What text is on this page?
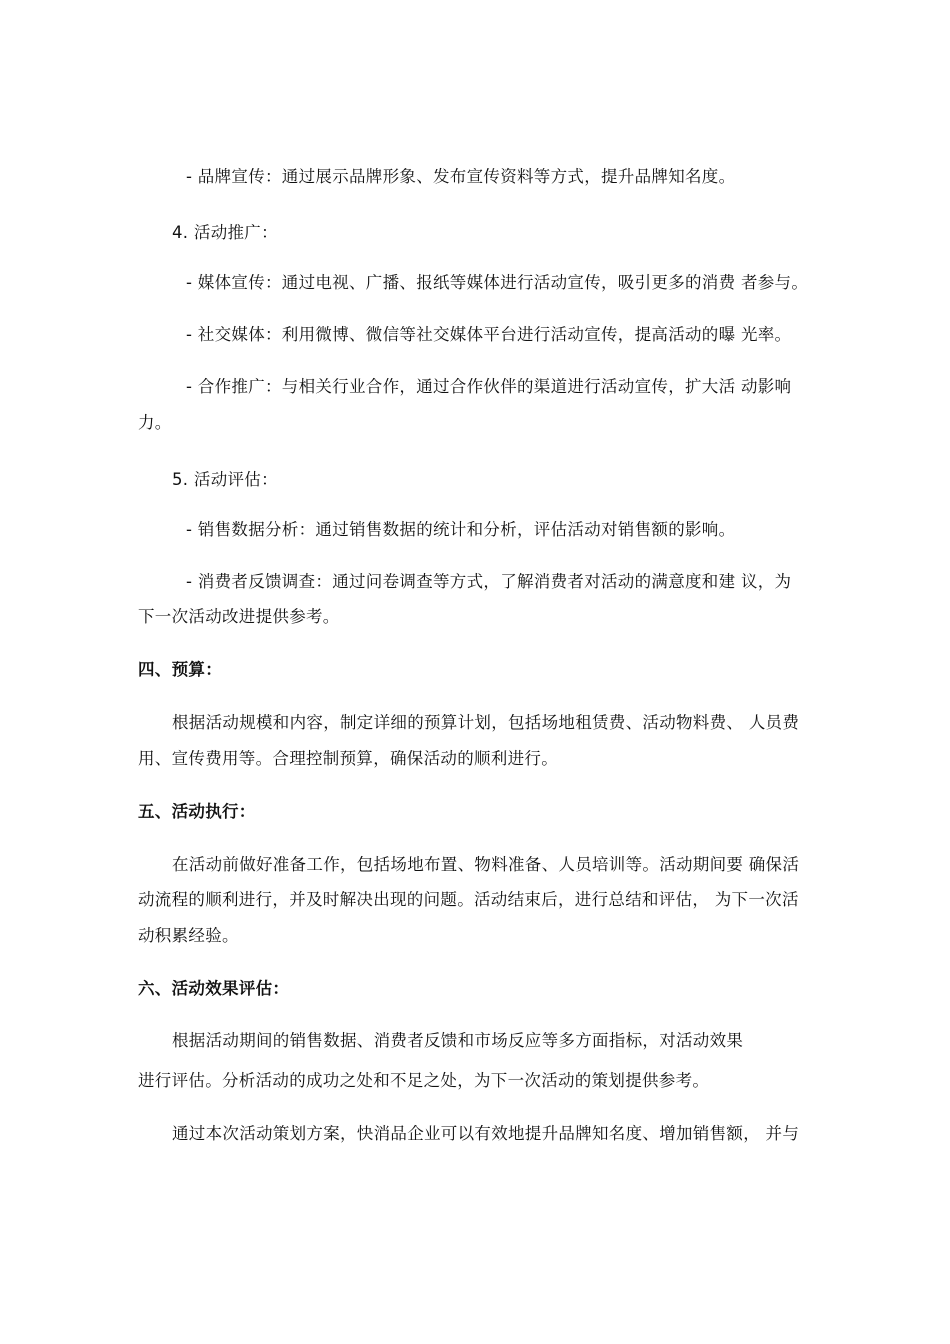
- 品牌宣传：通过展示品牌形象、发布宣传资料等方式，提升品牌知名度。
4. 活动推广：
- 媒体宣传：通过电视、广播、报纸等媒体进行活动宣传，吸引更多的消费 者参与。
- 社交媒体：利用微博、微信等社交媒体平台进行活动宣传，提高活动的曝 光率。
- 合作推广：与相关行业合作，通过合作伙伴的渠道进行活动宣传，扩大活 动影响
力。
5. 活动评估：
- 销售数据分析：通过销售数据的统计和分析，评估活动对销售额的影响。
- 消费者反馈调查：通过问卷调查等方式，了解消费者对活动的满意度和建 议，为
下一次活动改进提供参考。
四、预算：
根据活动规模和内容，制定详细的预算计划，包括场地租赁费、活动物料费、 人员费
用、宣传费用等。合理控制预算，确保活动的顺利进行。
五、活动执行：
在活动前做好准备工作，包括场地布置、物料准备、人员培训等。活动期间要 确保活
动流程的顺利进行，并及时解决出现的问题。活动结束后，进行总结和评估， 为下一次活
动积累经验。
六、活动效果评估：
根据活动期间的销售数据、消费者反馈和市场反应等多方面指标，对活动效果
进行评估。分析活动的成功之处和不足之处，为下一次活动的策划提供参考。
通过本次活动策划方案，快消品企业可以有效地提升品牌知名度、增加销售额， 并与
